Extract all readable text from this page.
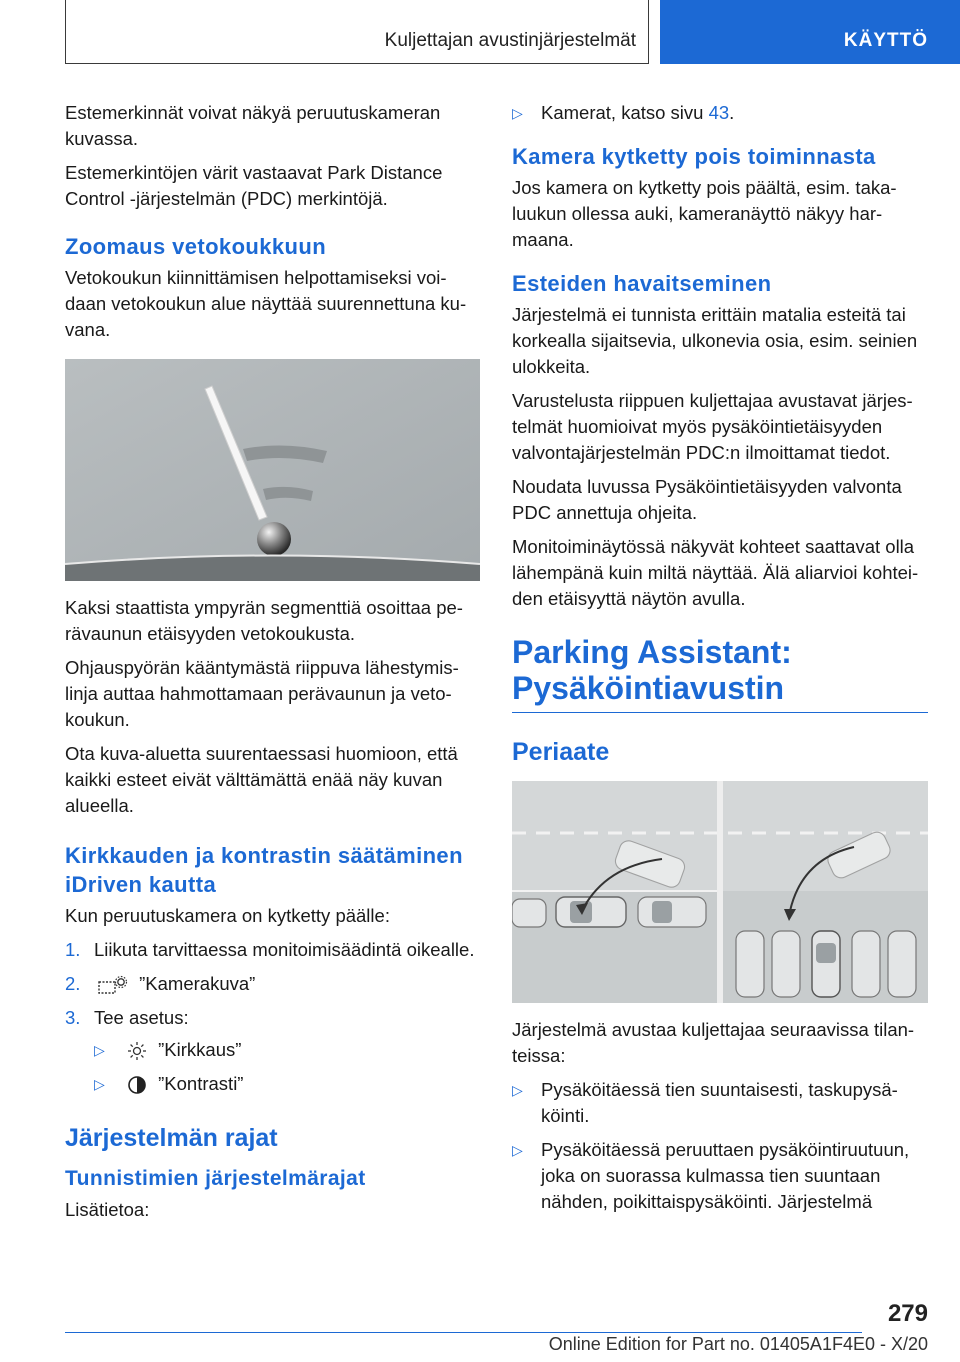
Kuljettajan avustinjärjestelmät	KÄYTTÖ

Estemerkinnät voivat näkyä peruutuskameran kuvassa.

Estemerkintöjen värit vastaavat Park Distance Control -järjestelmän (PDC) merkintöjä.

Zoomaus vetokoukkuun

Vetokoukun kiinnittämisen helpottamiseksi voidaan vetokoukun alue näyttää suurennettuna kuvana.

Kaksi staattista ympyrän segmenttiä osoittaa perävaunun etäisyyden vetokoukusta.

Ohjauspyörän kääntymästä riippuva lähestymislinja auttaa hahmottamaan perävaunun ja vetokoukun.

Ota kuva-aluetta suurentaessasi huomioon, että kaikki esteet eivät välttämättä enää näy kuvan alueella.

Kirkkauden ja kontrastin säätäminen iDriven kautta

Kun peruutuskamera on kytketty päälle:

1. Liikuta tarvittaessa monitoimisäädintä oikealle.
2.	”Kamerakuva”
3. Tee asetus:
▷	”Kirkkaus”
▷	”Kontrasti”
Järjestelmän rajat
Tunnistimien järjestelmärajat

Lisätietoa:

▷ Kamerat, katso sivu 43.
Kamera kytketty pois toiminnasta

Jos kamera on kytketty pois päältä, esim. takaluukun ollessa auki, kameranäyttö näkyy harmaana.

Esteiden havaitseminen

Järjestelmä ei tunnista erittäin matalia esteitä tai korkealla sijaitsevia, ulkonevia osia, esim. seinien ulokkeita.

Varustelusta riippuen kuljettajaa avustavat järjestelmät huomioivat myös pysäköintietäisyyden valvontajärjestelmän PDC:n ilmoittamat tiedot.

Noudata luvussa Pysäköintietäisyyden valvonta PDC annettuja ohjeita.

Monitoiminäytössä näkyvät kohteet saattavat olla lähempänä kuin miltä näyttää. Älä aliarvioi kohteiden etäisyyttä näytön avulla.

Parking Assistant: Pysäköintiavustin
Periaate

Järjestelmä avustaa kuljettajaa seuraavissa tilanteissa:

▷ Pysäköitäessä tien suuntaisesti, taskupysäköinti.
▷ Pysäköitäessä peruuttaen pysäköintiruutuun, joka on suorassa kulmassa tien suuntaan nähden, poikittaispysäköinti. Järjestelmä
279
Online Edition for Part no. 01405A1F4E0 - X/20
